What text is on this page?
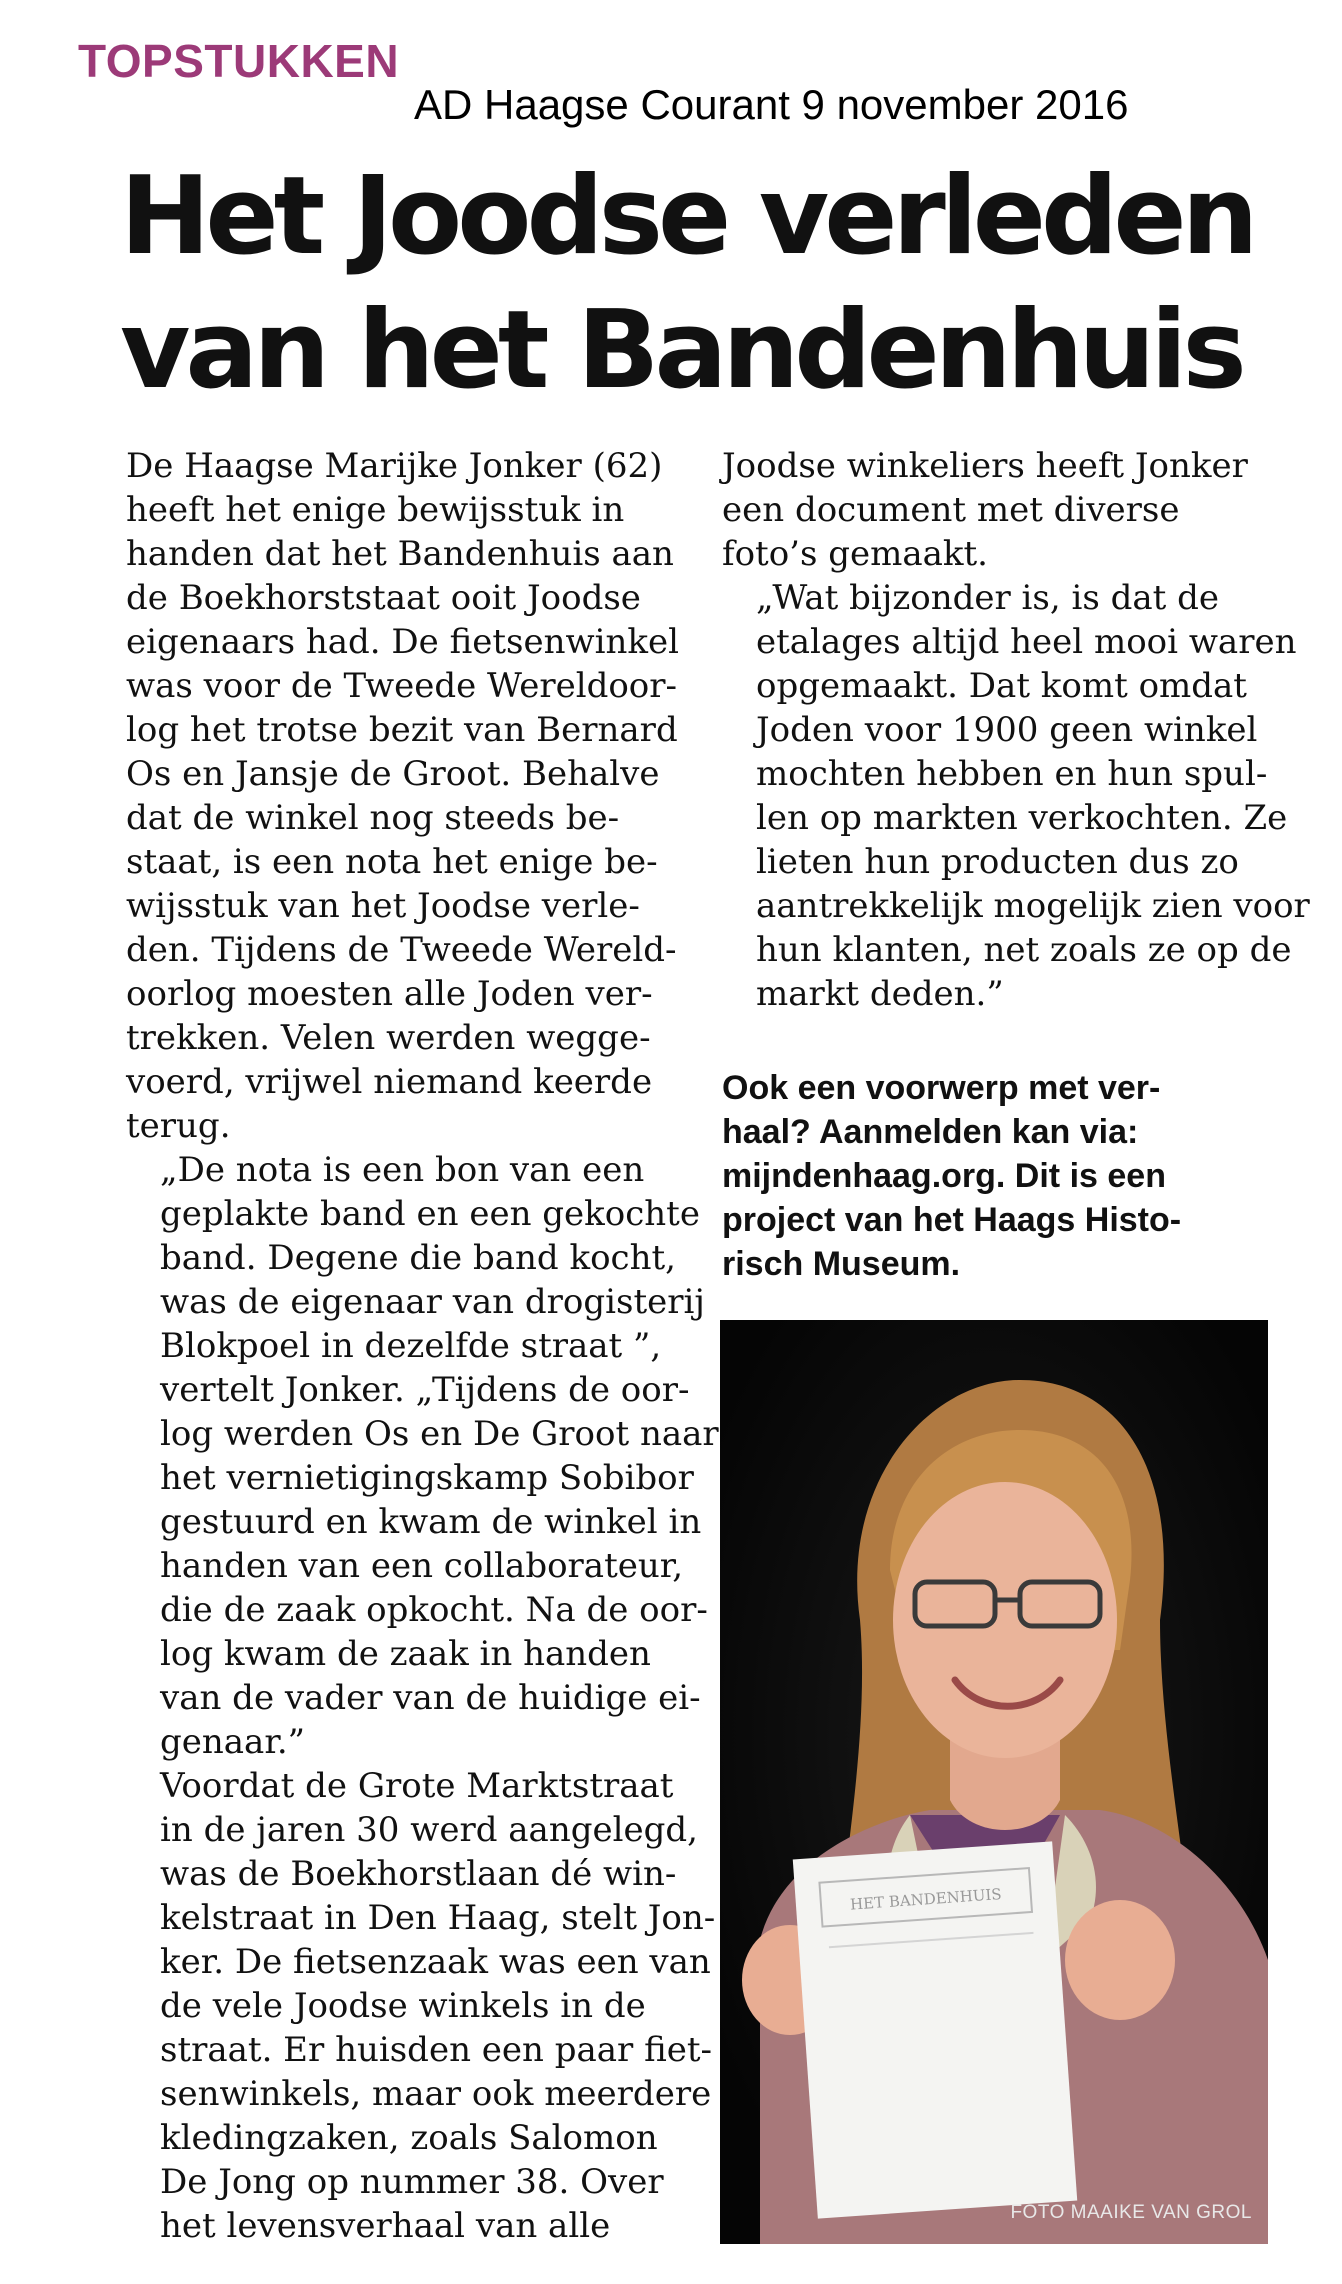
TOPSTUKKEN
AD Haagse Courant 9 november 2016
Het Joodse verleden
van het Bandenhuis

De Haagse Marijke Jonker (62)
heeft het enige bewijsstuk in
handen dat het Bandenhuis aan
de Boekhorststaat ooit Joodse
eigenaars had. De fietsenwinkel
was voor de Tweede Wereldoor-
log het trotse bezit van Bernard
Os en Jansje de Groot. Behalve
dat de winkel nog steeds be-
staat, is een nota het enige be-
wijsstuk van het Joodse verle-
den. Tijdens de Tweede Wereld-
oorlog moesten alle Joden ver-
trekken. Velen werden wegge-
voerd, vrijwel niemand keerde
terug.

„De nota is een bon van een
geplakte band en een gekochte
band. Degene die band kocht,
was de eigenaar van drogisterij
Blokpoel in dezelfde straat ”,
vertelt Jonker. „Tijdens de oor-
log werden Os en De Groot naar
het vernietigingskamp Sobibor
gestuurd en kwam de winkel in
handen van een collaborateur,
die de zaak opkocht. Na de oor-
log kwam de zaak in handen
van de vader van de huidige ei-
genaar.”

Voordat de Grote Marktstraat
in de jaren 30 werd aangelegd,
was de Boekhorstlaan dé win-
kelstraat in Den Haag, stelt Jon-
ker. De fietsenzaak was een van
de vele Joodse winkels in de
straat. Er huisden een paar fiet-
senwinkels, maar ook meerdere
kledingzaken, zoals Salomon
De Jong op nummer 38. Over
het levensverhaal van alle

Joodse winkeliers heeft Jonker
een document met diverse
foto’s gemaakt.

„Wat bijzonder is, is dat de
etalages altijd heel mooi waren
opgemaakt. Dat komt omdat
Joden voor 1900 geen winkel
mochten hebben en hun spul-
len op markten verkochten. Ze
lieten hun producten dus zo
aantrekkelijk mogelijk zien voor
hun klanten, net zoals ze op de
markt deden.”

Ook een voorwerp met ver-
haal? Aanmelden kan via:
mijndenhaag.org. Dit is een
project van het Haags Histo-
risch Museum.
HET BANDENHUIS
FOTO MAAIKE VAN GROL
